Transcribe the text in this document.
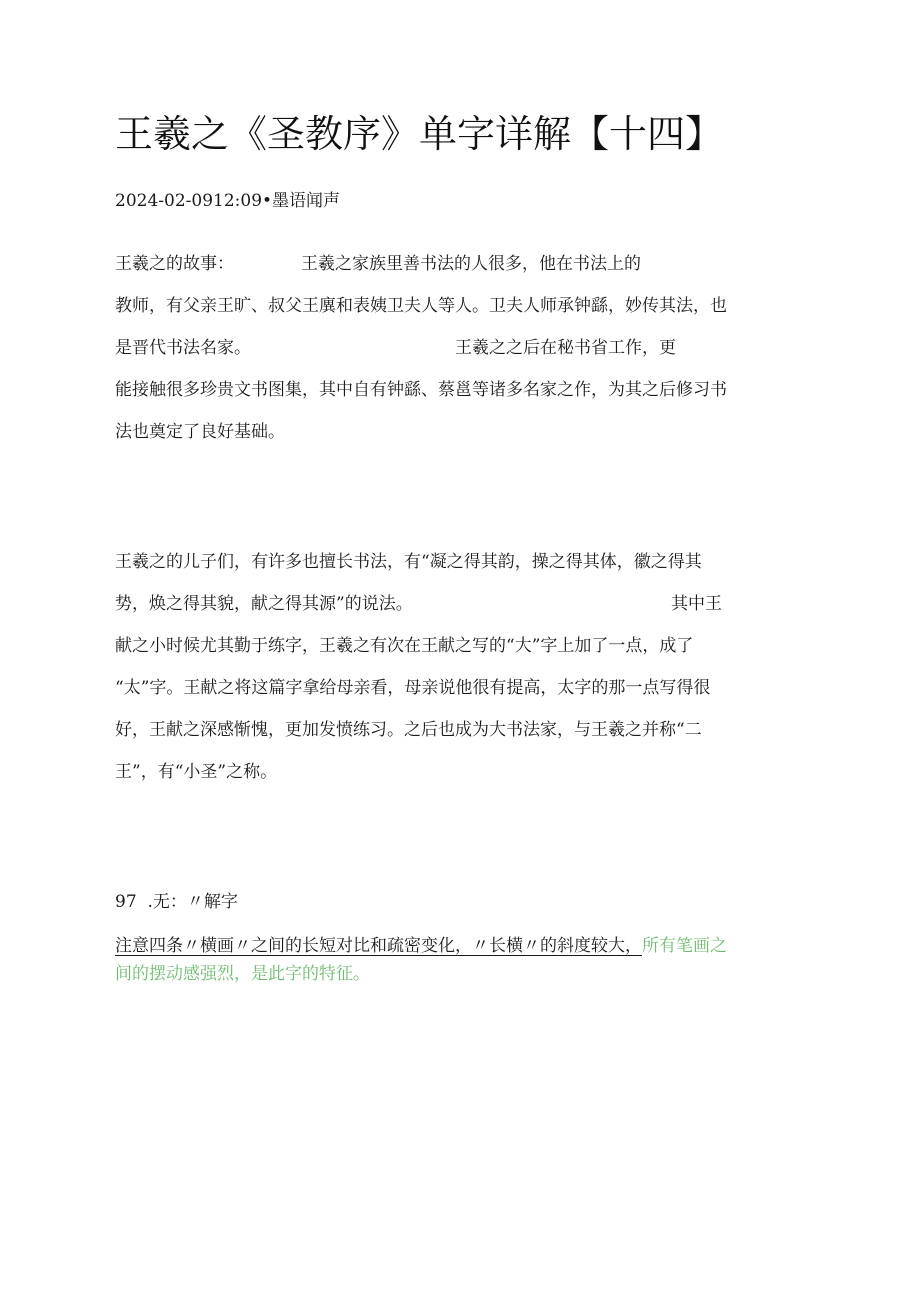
王羲之《圣教序》单字详解【十四】
2024-02-0912:09•墨语闻声
王羲之的故事：	王羲之家族里善书法的人很多，他在书法上的
教师，有父亲王旷、叔父王廙和表姨卫夫人等人。卫夫人师承钟繇，妙传其法，也
是晋代书法名家。	王羲之之后在秘书省工作，更
能接触很多珍贵文书图集，其中自有钟繇、蔡邕等诸多名家之作，为其之后修习书
法也奠定了良好基础。
王羲之的儿子们，有许多也擅长书法，有“凝之得其韵，操之得其体，徽之得其
势，焕之得其貌，献之得其源”的说法。	其中王
献之小时候尤其勤于练字，王羲之有次在王献之写的“大”字上加了一点，成了
“太”字。王献之将这篇字拿给母亲看，母亲说他很有提高，太字的那一点写得很
好，王献之深感惭愧，更加发愤练习。之后也成为大书法家，与王羲之并称“二
王”，有“小圣”之称。
97  .无：〃解字
注意四条〃横画〃之间的长短对比和疏密变化，〃长横〃的斜度较大，所有笔画之
间的摆动感强烈，是此字的特征。
